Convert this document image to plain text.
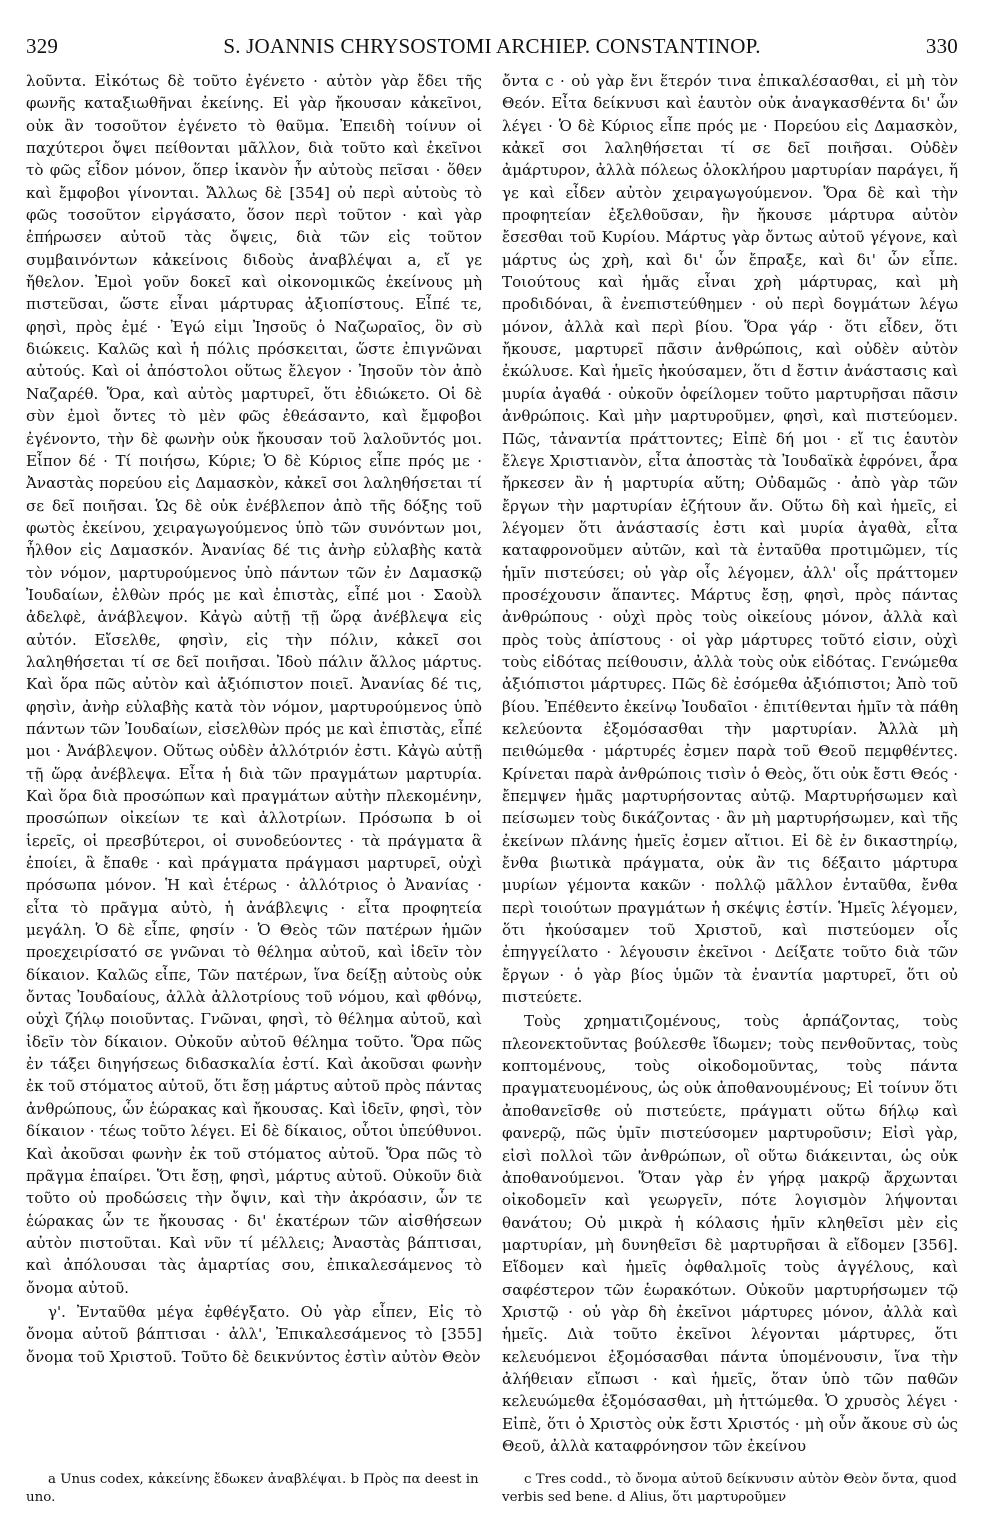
329	S. JOANNIS CHRYSOSTOMI ARCHIEP. CONSTANTINOP.	330

λοῦντα. Εἰκότως δὲ τοῦτο ἐγένετο · αὐτὸν γὰρ ἔδει τῆς φωνῆς καταξιωθῆναι ἐκείνης. Εἰ γὰρ ἤκουσαν κἀκεῖνοι, οὐκ ἂν τοσοῦτον ἐγένετο τὸ θαῦμα. Ἐπειδὴ τοίνυν οἱ παχύτεροι ὄψει πείθονται μᾶλλον, διὰ τοῦτο καὶ ἐκεῖνοι τὸ φῶς εἶδον μόνον, ὅπερ ἱκανὸν ἦν αὐτοὺς πεῖσαι · ὅθεν καὶ ἔμφοβοι γίνονται. Ἄλλως δὲ [354] οὐ περὶ αὐτοὺς τὸ φῶς τοσοῦτον εἰργάσατο, ὅσον περὶ τοῦτον · καὶ γὰρ ἐπήρωσεν αὐτοῦ τὰς ὄψεις, διὰ τῶν εἰς τοῦτον συμβαινόντων κἀκείνοις διδοὺς ἀναβλέψαι a, εἴ γε ἤθελον. Ἐμοὶ γοῦν δοκεῖ καὶ οἰκονομικῶς ἐκείνους μὴ πιστεῦσαι, ὥστε εἶναι μάρτυρας ἀξιοπίστους. Εἶπέ τε, φησὶ, πρὸς ἐμέ · Ἐγώ εἰμι Ἰησοῦς ὁ Ναζωραῖος, ὃν σὺ διώκεις. Καλῶς καὶ ἡ πόλις πρόσκειται, ὥστε ἐπιγνῶναι αὐτούς. Καὶ οἱ ἀπόστολοι οὕτως ἔλεγον · Ἰησοῦν τὸν ἀπὸ Ναζαρέθ. Ὅρα, καὶ αὐτὸς μαρτυρεῖ, ὅτι ἐδιώκετο. Οἱ δὲ σὺν ἐμοὶ ὄντες τὸ μὲν φῶς ἐθεάσαντο, καὶ ἔμφοβοι ἐγένοντο, τὴν δὲ φωνὴν οὐκ ἤκουσαν τοῦ λαλοῦντός μοι. Εἶπον δέ · Τί ποιήσω, Κύριε; Ὁ δὲ Κύριος εἶπε πρός με · Ἀναστὰς πορεύου εἰς Δαμασκὸν, κἀκεῖ σοι λαληθήσεται τί σε δεῖ ποιῆσαι. Ὡς δὲ οὐκ ἐνέβλεπον ἀπὸ τῆς δόξης τοῦ φωτὸς ἐκείνου, χειραγωγούμενος ὑπὸ τῶν συνόντων μοι, ἦλθον εἰς Δαμασκόν. Ἀνανίας δέ τις ἀνὴρ εὐλαβὴς κατὰ τὸν νόμον, μαρτυρούμενος ὑπὸ πάντων τῶν ἐν Δαμασκῷ Ἰουδαίων, ἐλθὼν πρός με καὶ ἐπιστὰς, εἶπέ μοι · Σαοὺλ ἀδελφὲ, ἀνάβλεψον. Κἀγὼ αὐτῇ τῇ ὥρᾳ ἀνέβλεψα εἰς αὐτόν. Εἴσελθε, φησὶν, εἰς τὴν πόλιν, κἀκεῖ σοι λαληθήσεται τί σε δεῖ ποιῆσαι. Ἰδοὺ πάλιν ἄλλος μάρτυς. Καὶ ὅρα πῶς αὐτὸν καὶ ἀξιόπιστον ποιεῖ. Ἀνανίας δέ τις, φησὶν, ἀνὴρ εὐλαβὴς κατὰ τὸν νόμον, μαρτυρούμενος ὑπὸ πάντων τῶν Ἰουδαίων, εἰσελθὼν πρός με καὶ ἐπιστὰς, εἶπέ μοι · Ἀνάβλεψον. Οὕτως οὐδὲν ἀλλότριόν ἐστι. Κἀγὼ αὐτῇ τῇ ὥρᾳ ἀνέβλεψα. Εἶτα ἡ διὰ τῶν πραγμάτων μαρτυρία. Καὶ ὅρα διὰ προσώπων καὶ πραγμάτων αὐτὴν πλεκομένην, προσώπων οἰκείων τε καὶ ἀλλοτρίων. Πρόσωπα b οἱ ἱερεῖς, οἱ πρεσβύτεροι, οἱ συνοδεύοντες · τὰ πράγματα ἃ ἐποίει, ἃ ἔπαθε · καὶ πράγματα πράγμασι μαρτυρεῖ, οὐχὶ πρόσωπα μόνον. Ἡ καὶ ἑτέρως · ἀλλότριος ὁ Ἀνανίας · εἶτα τὸ πρᾶγμα αὐτὸ, ἡ ἀνάβλεψις · εἶτα προφητεία μεγάλη. Ὁ δὲ εἶπε, φησίν · Ὁ Θεὸς τῶν πατέρων ἡμῶν προεχειρίσατό σε γνῶναι τὸ θέλημα αὐτοῦ, καὶ ἰδεῖν τὸν δίκαιον. Καλῶς εἶπε, Τῶν πατέρων, ἵνα δείξῃ αὐτοὺς οὐκ ὄντας Ἰουδαίους, ἀλλὰ ἀλλοτρίους τοῦ νόμου, καὶ φθόνῳ, οὐχὶ ζήλῳ ποιοῦντας. Γνῶναι, φησὶ, τὸ θέλημα αὐτοῦ, καὶ ἰδεῖν τὸν δίκαιον. Οὐκοῦν αὐτοῦ θέλημα τοῦτο. Ὅρα πῶς ἐν τάξει διηγήσεως διδασκαλία ἐστί. Καὶ ἀκοῦσαι φωνὴν ἐκ τοῦ στόματος αὐτοῦ, ὅτι ἔσῃ μάρτυς αὐτοῦ πρὸς πάντας ἀνθρώπους, ὧν ἑώρακας καὶ ἤκουσας. Καὶ ἰδεῖν, φησὶ, τὸν δίκαιον · τέως τοῦτο λέγει. Εἰ δὲ δίκαιος, οὗτοι ὑπεύθυνοι. Καὶ ἀκοῦσαι φωνὴν ἐκ τοῦ στόματος αὐτοῦ. Ὅρα πῶς τὸ πρᾶγμα ἐπαίρει. Ὅτι ἔσῃ, φησὶ, μάρτυς αὐτοῦ. Οὐκοῦν διὰ τοῦτο οὐ προδώσεις τὴν ὄψιν, καὶ τὴν ἀκρόασιν, ὧν τε ἑώρακας ὧν τε ἤκουσας · δι' ἑκατέρων τῶν αἰσθήσεων αὐτὸν πιστοῦται. Καὶ νῦν τί μέλλεις; Ἀναστὰς βάπτισαι, καὶ ἀπόλουσαι τὰς ἁμαρτίας σου, ἐπικαλεσάμενος τὸ ὄνομα αὐτοῦ.

γ'. Ἐνταῦθα μέγα ἐφθέγξατο. Οὐ γὰρ εἶπεν, Εἰς τὸ ὄνομα αὐτοῦ βάπτισαι · ἀλλ', Ἐπικαλεσάμενος τὸ [355] ὄνομα τοῦ Χριστοῦ. Τοῦτο δὲ δεικνύντος ἐστὶν αὐτὸν Θεὸν

ὄντα c · οὐ γὰρ ἔνι ἕτερόν τινα ἐπικαλέσασθαι, εἰ μὴ τὸν Θεόν. Εἶτα δείκνυσι καὶ ἑαυτὸν οὐκ ἀναγκασθέντα δι' ὧν λέγει · Ὁ δὲ Κύριος εἶπε πρός με · Πορεύου εἰς Δαμασκὸν, κἀκεῖ σοι λαληθήσεται τί σε δεῖ ποιῆσαι. Οὐδὲν ἀμάρτυρον, ἀλλὰ πόλεως ὁλοκλήρου μαρτυρίαν παράγει, ἥ γε καὶ εἶδεν αὐτὸν χειραγωγούμενον. Ὅρα δὲ καὶ τὴν προφητείαν ἐξελθοῦσαν, ἣν ἤκουσε μάρτυρα αὐτὸν ἔσεσθαι τοῦ Κυρίου. Μάρτυς γὰρ ὄντως αὐτοῦ γέγονε, καὶ μάρτυς ὡς χρὴ, καὶ δι' ὧν ἔπραξε, καὶ δι' ὧν εἶπε. Τοιούτους καὶ ἡμᾶς εἶναι χρὴ μάρτυρας, καὶ μὴ προδιδόναι, ἃ ἐνεπιστεύθημεν · οὐ περὶ δογμάτων λέγω μόνον, ἀλλὰ καὶ περὶ βίου. Ὅρα γάρ · ὅτι εἶδεν, ὅτι ἤκουσε, μαρτυρεῖ πᾶσιν ἀνθρώποις, καὶ οὐδὲν αὐτὸν ἐκώλυσε. Καὶ ἡμεῖς ἠκούσαμεν, ὅτι d ἔστιν ἀνάστασις καὶ μυρία ἀγαθά · οὐκοῦν ὀφείλομεν τοῦτο μαρτυρῆσαι πᾶσιν ἀνθρώποις. Καὶ μὴν μαρτυροῦμεν, φησὶ, καὶ πιστεύομεν. Πῶς, τἀναντία πράττοντες; Εἰπὲ δή μοι · εἴ τις ἑαυτὸν ἔλεγε Χριστιανὸν, εἶτα ἀποστὰς τὰ Ἰουδαϊκὰ ἐφρόνει, ἆρα ἤρκεσεν ἂν ἡ μαρτυρία αὕτη; Οὐδαμῶς · ἀπὸ γὰρ τῶν ἔργων τὴν μαρτυρίαν ἐζήτουν ἄν. Οὕτω δὴ καὶ ἡμεῖς, εἰ λέγομεν ὅτι ἀνάστασίς ἐστι καὶ μυρία ἀγαθὰ, εἶτα καταφρονοῦμεν αὐτῶν, καὶ τὰ ἐνταῦθα προτιμῶμεν, τίς ἡμῖν πιστεύσει; οὐ γὰρ οἷς λέγομεν, ἀλλ' οἷς πράττομεν προσέχουσιν ἅπαντες. Μάρτυς ἔσῃ, φησὶ, πρὸς πάντας ἀνθρώπους · οὐχὶ πρὸς τοὺς οἰκείους μόνον, ἀλλὰ καὶ πρὸς τοὺς ἀπίστους · οἱ γὰρ μάρτυρες τοῦτό εἰσιν, οὐχὶ τοὺς εἰδότας πείθουσιν, ἀλλὰ τοὺς οὐκ εἰδότας. Γενώμεθα ἀξιόπιστοι μάρτυρες. Πῶς δὲ ἐσόμεθα ἀξιόπιστοι; Ἀπὸ τοῦ βίου. Ἐπέθεντο ἐκείνῳ Ἰουδαῖοι · ἐπιτίθενται ἡμῖν τὰ πάθη κελεύοντα ἐξομόσασθαι τὴν μαρτυρίαν. Ἀλλὰ μὴ πειθώμεθα · μάρτυρές ἐσμεν παρὰ τοῦ Θεοῦ πεμφθέντες. Κρίνεται παρὰ ἀνθρώποις τισὶν ὁ Θεὸς, ὅτι οὐκ ἔστι Θεός · ἔπεμψεν ἡμᾶς μαρτυρήσοντας αὐτῷ. Μαρτυρήσωμεν καὶ πείσωμεν τοὺς δικάζοντας · ἂν μὴ μαρτυρήσωμεν, καὶ τῆς ἐκείνων πλάνης ἡμεῖς ἐσμεν αἴτιοι. Εἰ δὲ ἐν δικαστηρίῳ, ἔνθα βιωτικὰ πράγματα, οὐκ ἂν τις δέξαιτο μάρτυρα μυρίων γέμοντα κακῶν · πολλῷ μᾶλλον ἐνταῦθα, ἔνθα περὶ τοιούτων πραγμάτων ἡ σκέψις ἐστίν. Ἡμεῖς λέγομεν, ὅτι ἠκούσαμεν τοῦ Χριστοῦ, καὶ πιστεύομεν οἷς ἐπηγγείλατο · λέγουσιν ἐκεῖνοι · Δείξατε τοῦτο διὰ τῶν ἔργων · ὁ γὰρ βίος ὑμῶν τὰ ἐναντία μαρτυρεῖ, ὅτι οὐ πιστεύετε.

Τοὺς χρηματιζομένους, τοὺς ἁρπάζοντας, τοὺς πλεονεκτοῦντας βούλεσθε ἴδωμεν; τοὺς πενθοῦντας, τοὺς κοπτομένους, τοὺς οἰκοδομοῦντας, τοὺς πάντα πραγματευομένους, ὡς οὐκ ἀποθανουμένους; Εἰ τοίνυν ὅτι ἀποθανεῖσθε οὐ πιστεύετε, πράγματι οὕτω δήλῳ καὶ φανερῷ, πῶς ὑμῖν πιστεύσομεν μαρτυροῦσιν; Εἰσὶ γὰρ, εἰσὶ πολλοὶ τῶν ἀνθρώπων, οἳ οὕτω διάκεινται, ὡς οὐκ ἀποθανούμενοι. Ὅταν γὰρ ἐν γήρᾳ μακρῷ ἄρχωνται οἰκοδομεῖν καὶ γεωργεῖν, πότε λογισμὸν λήψονται θανάτου; Οὐ μικρὰ ἡ κόλασις ἡμῖν κληθεῖσι μὲν εἰς μαρτυρίαν, μὴ δυνηθεῖσι δὲ μαρτυρῆσαι ἃ εἴδομεν [356]. Εἴδομεν καὶ ἡμεῖς ὀφθαλμοῖς τοὺς ἀγγέλους, καὶ σαφέστερον τῶν ἑωρακότων. Οὐκοῦν μαρτυρήσωμεν τῷ Χριστῷ · οὐ γὰρ δὴ ἐκεῖνοι μάρτυρες μόνον, ἀλλὰ καὶ ἡμεῖς. Διὰ τοῦτο ἐκεῖνοι λέγονται μάρτυρες, ὅτι κελευόμενοι ἐξομόσασθαι πάντα ὑπομένουσιν, ἵνα τὴν ἀλήθειαν εἴπωσι · καὶ ἡμεῖς, ὅταν ὑπὸ τῶν παθῶν κελευώμεθα ἐξομόσασθαι, μὴ ἡττώμεθα. Ὁ χρυσὸς λέγει · Εἰπὲ, ὅτι ὁ Χριστὸς οὐκ ἔστι Χριστός · μὴ οὖν ἄκουε σὺ ὡς Θεοῦ, ἀλλὰ καταφρόνησον τῶν ἐκείνου

a Unus codex, κἀκείνης ἔδωκεν ἀναβλέψαι. b Πρὸς πα deest in uno.
c Tres codd., τὸ ὄνομα αὐτοῦ δείκνυσιν αὐτὸν Θεὸν ὄντα, quod verbis sed bene. d Alius, ὅτι μαρτυροῦμεν
